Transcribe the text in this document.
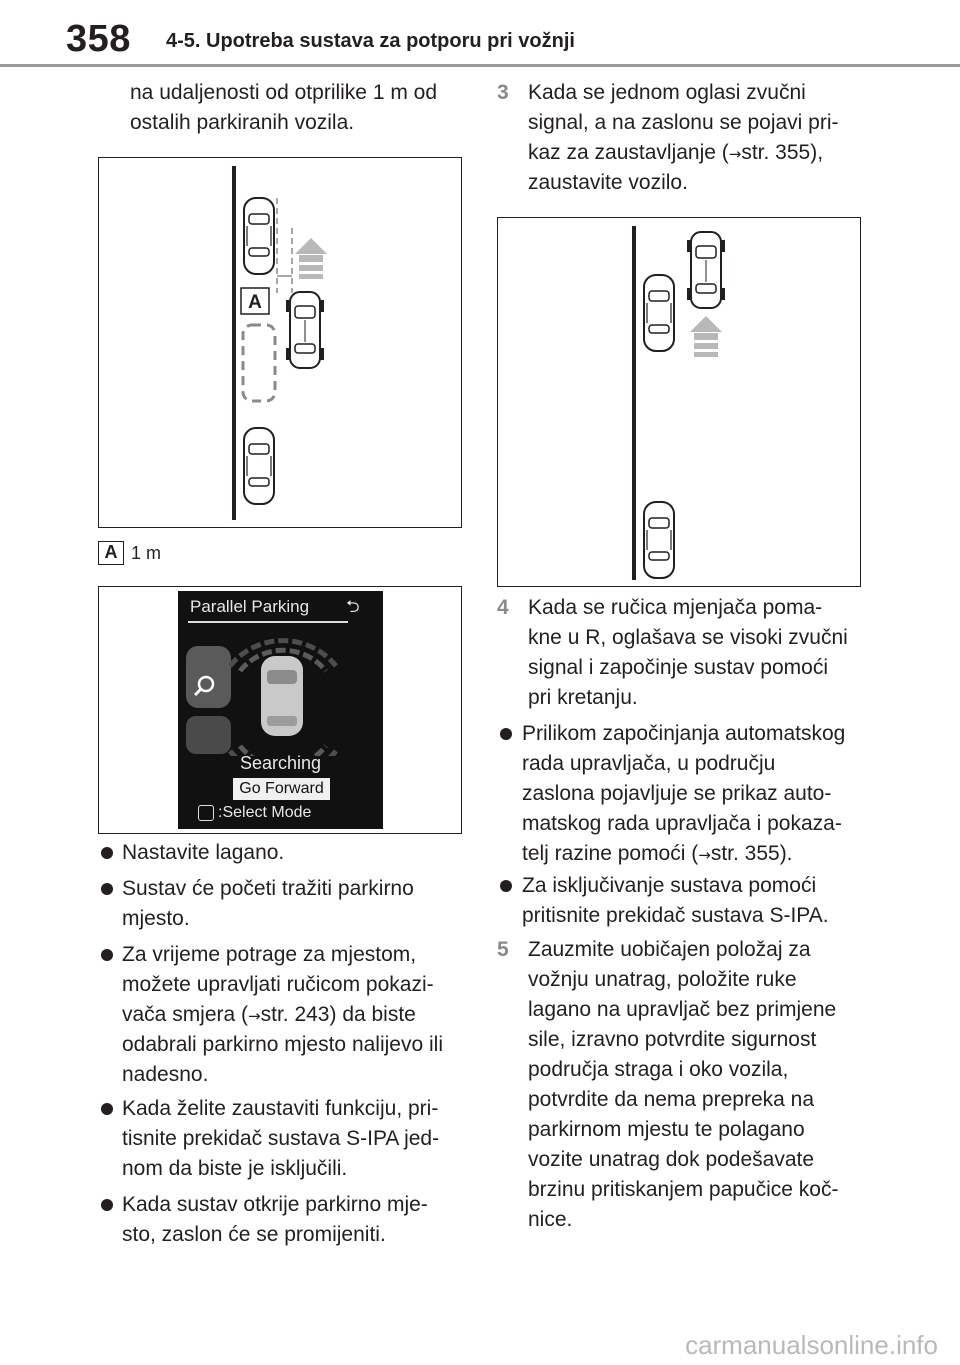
358 4-5. Upotreba sustava za potporu pri vožnji
na udaljenosti od otprilike 1 m od
ostalih parkiranih vozila.
A
A 1 m
Parallel Parking ⮌
Searching
Go Forward
:Select Mode
Nastavite lagano.
Sustav će početi tražiti parkirno
mjesto.
Za vrijeme potrage za mjestom,
možete upravljati ručicom pokazi-
vača smjera (→str. 243) da biste
odabrali parkirno mjesto nalijevo ili
nadesno.
Kada želite zaustaviti funkciju, pri-
tisnite prekidač sustava S-IPA jed-
nom da biste je isključili.
Kada sustav otkrije parkirno mje-
sto, zaslon će se promijeniti.
3 Kada se jednom oglasi zvučni
signal, a na zaslonu se pojavi pri-
kaz za zaustavljanje (→str. 355),
zaustavite vozilo.
4 Kada se ručica mjenjača poma-
kne u R, oglašava se visoki zvučni
signal i započinje sustav pomoći
pri kretanju.
Prilikom započinjanja automatskog
rada upravljača, u području
zaslona pojavljuje se prikaz auto-
matskog rada upravljača i pokaza-
telj razine pomoći (→str. 355).
Za isključivanje sustava pomoći
pritisnite prekidač sustava S-IPA.
5 Zauzmite uobičajen položaj za
vožnju unatrag, položite ruke
lagano na upravljač bez primjene
sile, izravno potvrdite sigurnost
područja straga i oko vozila,
potvrdite da nema prepreka na
parkirnom mjestu te polagano
vozite unatrag dok podešavate
brzinu pritiskanjem papučice koč-
nice.
carmanualsonline.info
